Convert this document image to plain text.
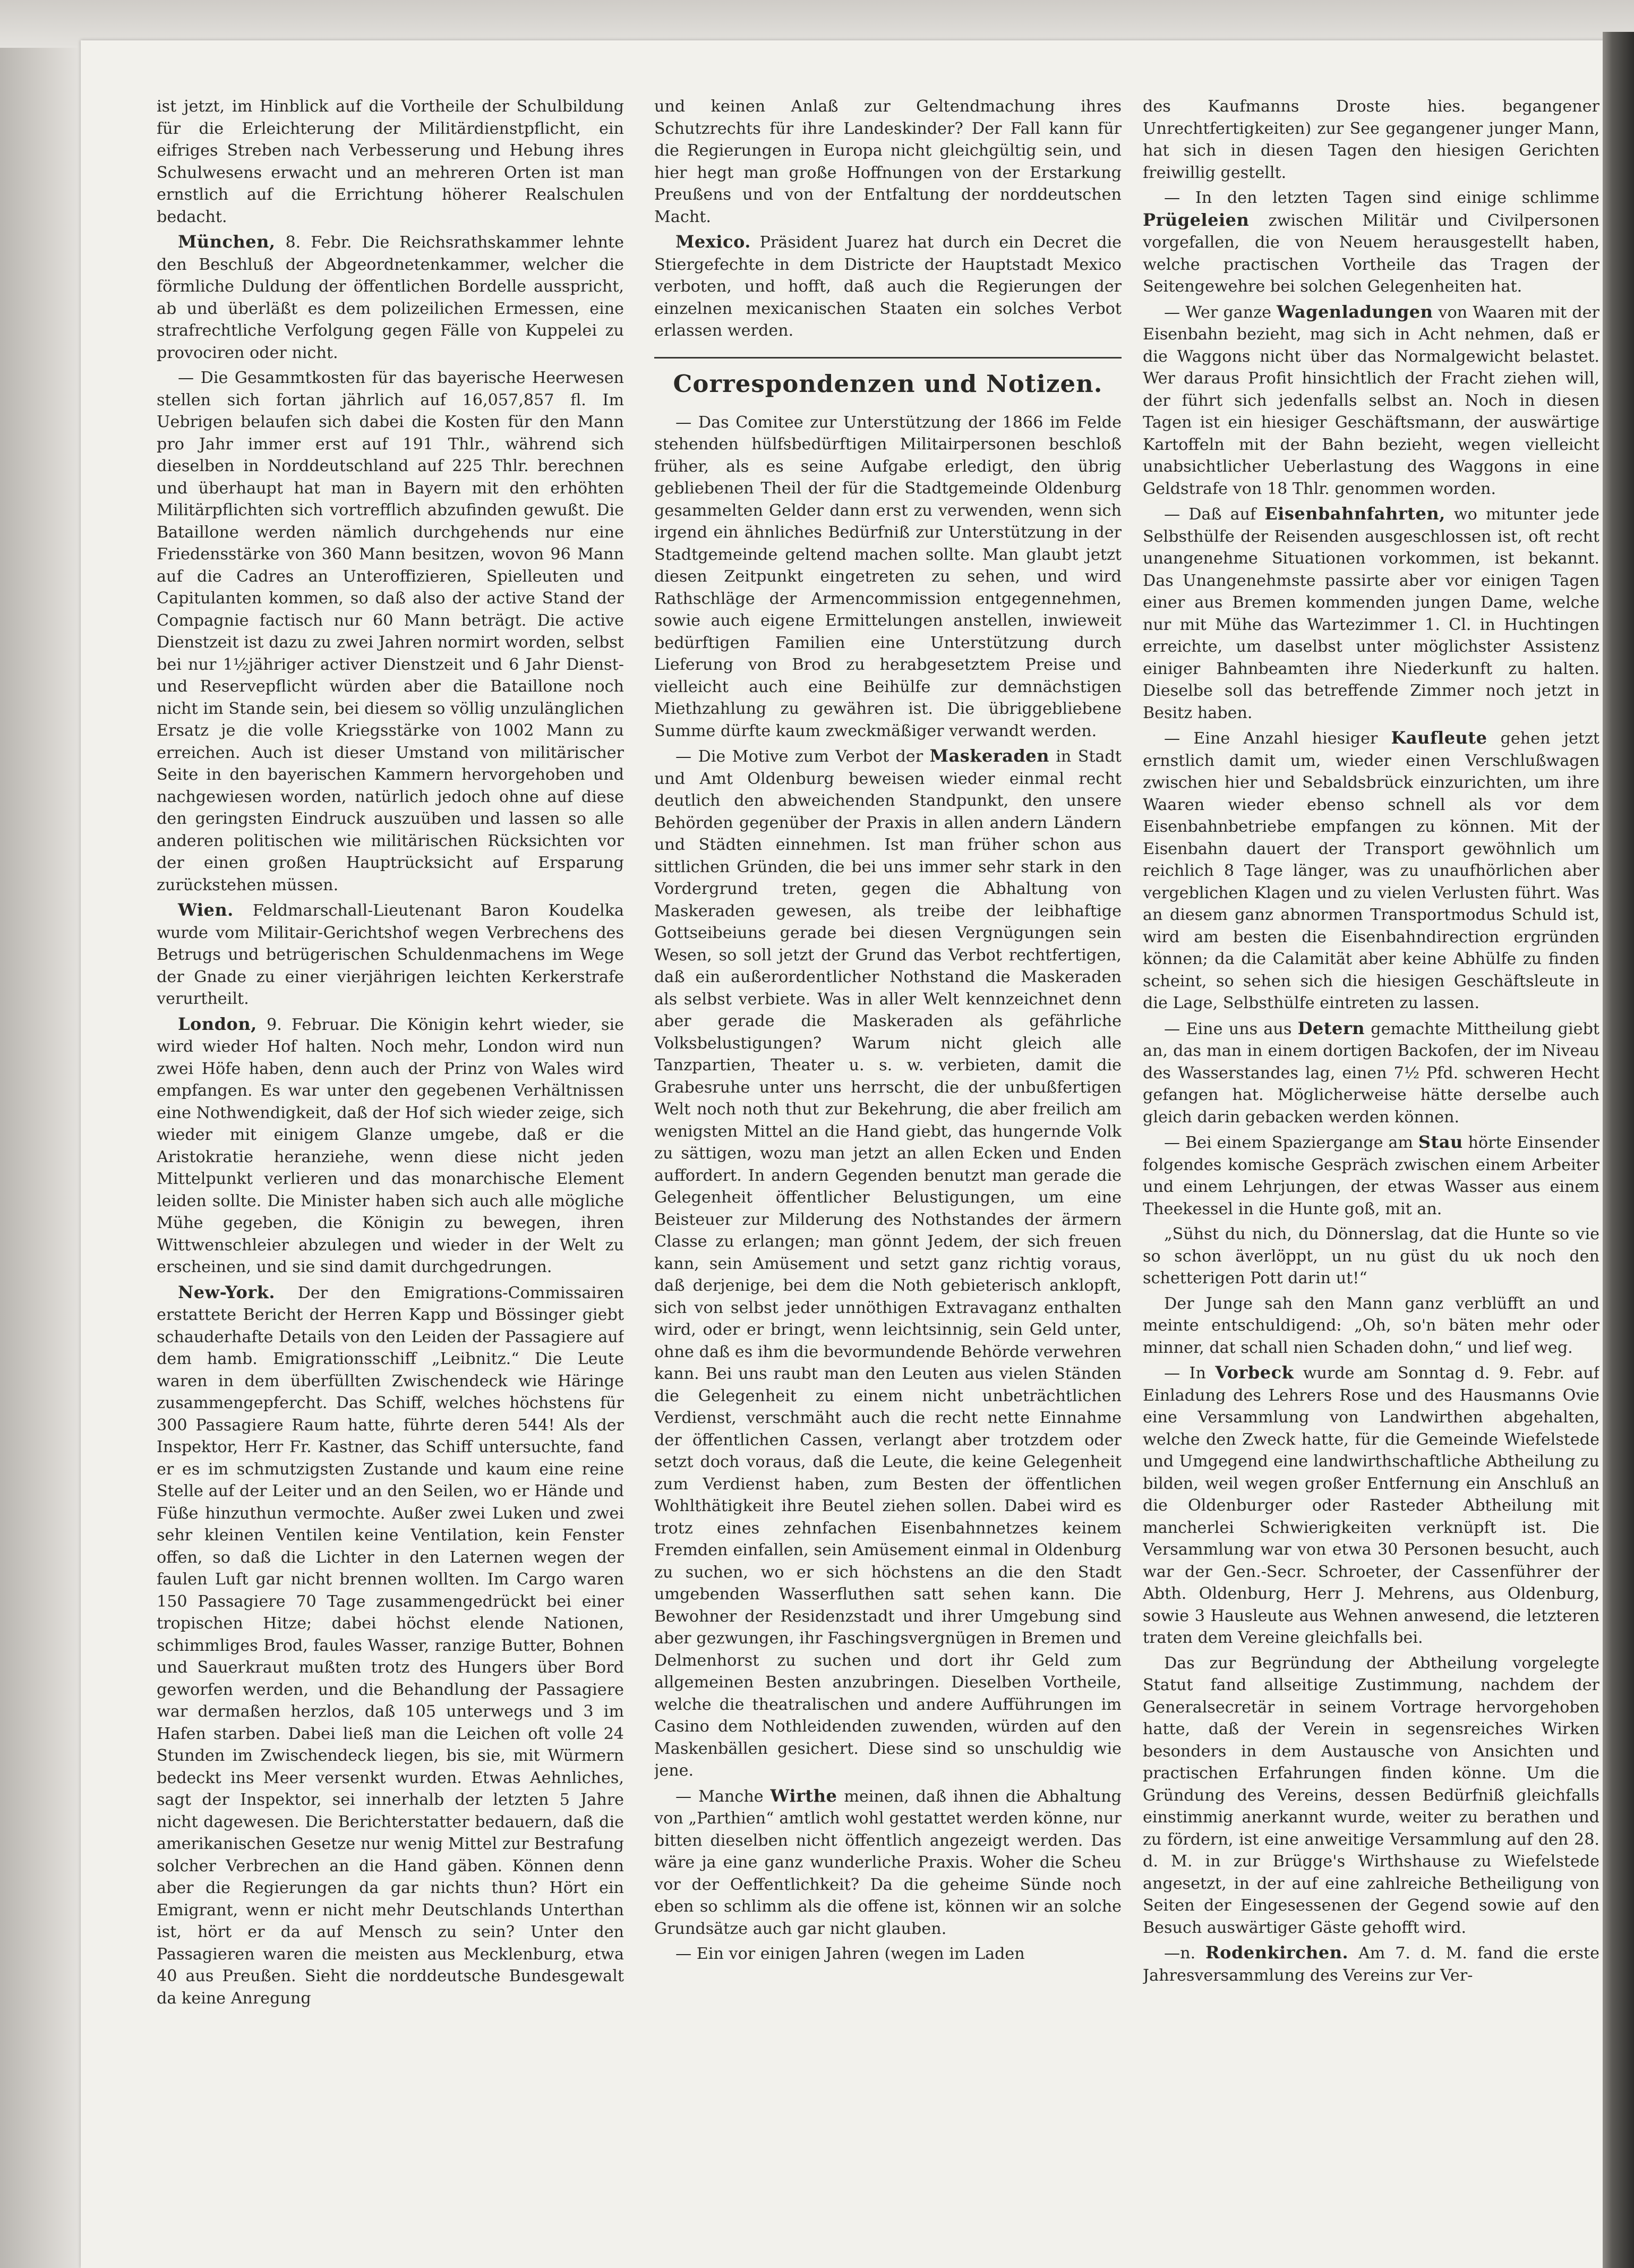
ist jetzt, im Hinblick auf die Vortheile der Schulbildung für die Erleichterung der Militärdienstpflicht, ein eifriges Streben nach Verbesserung und Hebung ihres Schulwesens erwacht und an mehreren Orten ist man ernstlich auf die Errichtung höherer Realschulen bedacht.

München, 8. Febr. Die Reichsrathskammer lehnte den Beschluß der Abgeordnetenkammer, welcher die förmliche Duldung der öffentlichen Bordelle ausspricht, ab und überläßt es dem polizeilichen Ermessen, eine strafrechtliche Verfolgung gegen Fälle von Kuppelei zu provociren oder nicht.

— Die Gesammtkosten für das bayerische Heerwesen stellen sich fortan jährlich auf 16,057,857 fl. Im Uebrigen belaufen sich dabei die Kosten für den Mann pro Jahr immer erst auf 191 Thlr., während sich dieselben in Norddeutschland auf 225 Thlr. berechnen und überhaupt hat man in Bayern mit den erhöhten Militärpflichten sich vortrefflich abzufinden gewußt. Die Bataillone werden nämlich durchgehends nur eine Friedensstärke von 360 Mann besitzen, wovon 96 Mann auf die Cadres an Unteroffizieren, Spielleuten und Capitulanten kommen, so daß also der active Stand der Compagnie factisch nur 60 Mann beträgt. Die active Dienstzeit ist dazu zu zwei Jahren normirt worden, selbst bei nur 1½jähriger activer Dienstzeit und 6 Jahr Dienst- und Reservepflicht würden aber die Bataillone noch nicht im Stande sein, bei diesem so völlig unzulänglichen Ersatz je die volle Kriegsstärke von 1002 Mann zu erreichen. Auch ist dieser Umstand von militärischer Seite in den bayerischen Kammern hervorgehoben und nachgewiesen worden, natürlich jedoch ohne auf diese den geringsten Eindruck auszuüben und lassen so alle anderen politischen wie militärischen Rücksichten vor der einen großen Hauptrücksicht auf Ersparung zurückstehen müssen.

Wien. Feldmarschall-Lieutenant Baron Koudelka wurde vom Militair-Gerichtshof wegen Verbrechens des Betrugs und betrügerischen Schuldenmachens im Wege der Gnade zu einer vierjährigen leichten Kerkerstrafe verurtheilt.

London, 9. Februar. Die Königin kehrt wieder, sie wird wieder Hof halten. Noch mehr, London wird nun zwei Höfe haben, denn auch der Prinz von Wales wird empfangen. Es war unter den gegebenen Verhältnissen eine Nothwendigkeit, daß der Hof sich wieder zeige, sich wieder mit einigem Glanze umgebe, daß er die Aristokratie heranziehe, wenn diese nicht jeden Mittelpunkt verlieren und das monarchische Element leiden sollte. Die Minister haben sich auch alle mögliche Mühe gegeben, die Königin zu bewegen, ihren Wittwenschleier abzulegen und wieder in der Welt zu erscheinen, und sie sind damit durchgedrungen.

New-York. Der den Emigrations-Commissairen erstattete Bericht der Herren Kapp und Bössinger giebt schauderhafte Details von den Leiden der Passagiere auf dem hamb. Emigrationsschiff „Leibnitz.“ Die Leute waren in dem überfüllten Zwischendeck wie Häringe zusammengepfercht. Das Schiff, welches höchstens für 300 Passagiere Raum hatte, führte deren 544! Als der Inspektor, Herr Fr. Kastner, das Schiff untersuchte, fand er es im schmutzigsten Zustande und kaum eine reine Stelle auf der Leiter und an den Seilen, wo er Hände und Füße hinzuthun vermochte. Außer zwei Luken und zwei sehr kleinen Ventilen keine Ventilation, kein Fenster offen, so daß die Lichter in den Laternen wegen der faulen Luft gar nicht brennen wollten. Im Cargo waren 150 Passagiere 70 Tage zusammengedrückt bei einer tropischen Hitze; dabei höchst elende Nationen, schimmliges Brod, faules Wasser, ranzige Butter, Bohnen und Sauerkraut mußten trotz des Hungers über Bord geworfen werden, und die Behandlung der Passagiere war dermaßen herzlos, daß 105 unterwegs und 3 im Hafen starben. Dabei ließ man die Leichen oft volle 24 Stunden im Zwischendeck liegen, bis sie, mit Würmern bedeckt ins Meer versenkt wurden. Etwas Aehnliches, sagt der Inspektor, sei innerhalb der letzten 5 Jahre nicht dagewesen. Die Berichterstatter bedauern, daß die amerikanischen Gesetze nur wenig Mittel zur Bestrafung solcher Verbrechen an die Hand gäben. Können denn aber die Regierungen da gar nichts thun? Hört ein Emigrant, wenn er nicht mehr Deutschlands Unterthan ist, hört er da auf Mensch zu sein? Unter den Passagieren waren die meisten aus Mecklenburg, etwa 40 aus Preußen. Sieht die norddeutsche Bundesgewalt da keine Anregung

und keinen Anlaß zur Geltendmachung ihres Schutzrechts für ihre Landeskinder? Der Fall kann für die Regierungen in Europa nicht gleichgültig sein, und hier hegt man große Hoffnungen von der Erstarkung Preußens und von der Entfaltung der norddeutschen Macht.

Mexico. Präsident Juarez hat durch ein Decret die Stiergefechte in dem Districte der Hauptstadt Mexico verboten, und hofft, daß auch die Regierungen der einzelnen mexicanischen Staaten ein solches Verbot erlassen werden.

Correspondenzen und Notizen.

— Das Comitee zur Unterstützung der 1866 im Felde stehenden hülfsbedürftigen Militairpersonen beschloß früher, als es seine Aufgabe erledigt, den übrig gebliebenen Theil der für die Stadtgemeinde Oldenburg gesammelten Gelder dann erst zu verwenden, wenn sich irgend ein ähnliches Bedürfniß zur Unterstützung in der Stadtgemeinde geltend machen sollte. Man glaubt jetzt diesen Zeitpunkt eingetreten zu sehen, und wird Rathschläge der Armencommission entgegennehmen, sowie auch eigene Ermittelungen anstellen, inwieweit bedürftigen Familien eine Unterstützung durch Lieferung von Brod zu herabgesetztem Preise und vielleicht auch eine Beihülfe zur demnächstigen Miethzahlung zu gewähren ist. Die übriggebliebene Summe dürfte kaum zweckmäßiger verwandt werden.

— Die Motive zum Verbot der Maskeraden in Stadt und Amt Oldenburg beweisen wieder einmal recht deutlich den abweichenden Standpunkt, den unsere Behörden gegenüber der Praxis in allen andern Ländern und Städten einnehmen. Ist man früher schon aus sittlichen Gründen, die bei uns immer sehr stark in den Vordergrund treten, gegen die Abhaltung von Maskeraden gewesen, als treibe der leibhaftige Gottseibeiuns gerade bei diesen Vergnügungen sein Wesen, so soll jetzt der Grund das Verbot rechtfertigen, daß ein außerordentlicher Nothstand die Maskeraden als selbst verbiete. Was in aller Welt kennzeichnet denn aber gerade die Maskeraden als gefährliche Volksbelustigungen? Warum nicht gleich alle Tanzpartien, Theater u. s. w. verbieten, damit die Grabesruhe unter uns herrscht, die der unbußfertigen Welt noch noth thut zur Bekehrung, die aber freilich am wenigsten Mittel an die Hand giebt, das hungernde Volk zu sättigen, wozu man jetzt an allen Ecken und Enden auffordert. In andern Gegenden benutzt man gerade die Gelegenheit öffentlicher Belustigungen, um eine Beisteuer zur Milderung des Nothstandes der ärmern Classe zu erlangen; man gönnt Jedem, der sich freuen kann, sein Amüsement und setzt ganz richtig voraus, daß derjenige, bei dem die Noth gebieterisch anklopft, sich von selbst jeder unnöthigen Extravaganz enthalten wird, oder er bringt, wenn leichtsinnig, sein Geld unter, ohne daß es ihm die bevormundende Behörde verwehren kann. Bei uns raubt man den Leuten aus vielen Ständen die Gelegenheit zu einem nicht unbeträchtlichen Verdienst, verschmäht auch die recht nette Einnahme der öffentlichen Cassen, verlangt aber trotzdem oder setzt doch voraus, daß die Leute, die keine Gelegenheit zum Verdienst haben, zum Besten der öffentlichen Wohlthätigkeit ihre Beutel ziehen sollen. Dabei wird es trotz eines zehnfachen Eisenbahnnetzes keinem Fremden einfallen, sein Amüsement einmal in Oldenburg zu suchen, wo er sich höchstens an die den Stadt umgebenden Wasserfluthen satt sehen kann. Die Bewohner der Residenzstadt und ihrer Umgebung sind aber gezwungen, ihr Faschingsvergnügen in Bremen und Delmenhorst zu suchen und dort ihr Geld zum allgemeinen Besten anzubringen. Dieselben Vortheile, welche die theatralischen und andere Aufführungen im Casino dem Nothleidenden zuwenden, würden auf den Maskenbällen gesichert. Diese sind so unschuldig wie jene.

— Manche Wirthe meinen, daß ihnen die Abhaltung von „Parthien“ amtlich wohl gestattet werden könne, nur bitten dieselben nicht öffentlich angezeigt werden. Das wäre ja eine ganz wunderliche Praxis. Woher die Scheu vor der Oeffentlichkeit? Da die geheime Sünde noch eben so schlimm als die offene ist, können wir an solche Grundsätze auch gar nicht glauben.

— Ein vor einigen Jahren (wegen im Laden

des Kaufmanns Droste hies. begangener Unrechtfertigkeiten) zur See gegangener junger Mann, hat sich in diesen Tagen den hiesigen Gerichten freiwillig gestellt.

— In den letzten Tagen sind einige schlimme Prügeleien zwischen Militär und Civilpersonen vorgefallen, die von Neuem herausgestellt haben, welche practischen Vortheile das Tragen der Seitengewehre bei solchen Gelegenheiten hat.

— Wer ganze Wagenladungen von Waaren mit der Eisenbahn bezieht, mag sich in Acht nehmen, daß er die Waggons nicht über das Normalgewicht belastet. Wer daraus Profit hinsichtlich der Fracht ziehen will, der führt sich jedenfalls selbst an. Noch in diesen Tagen ist ein hiesiger Geschäftsmann, der auswärtige Kartoffeln mit der Bahn bezieht, wegen vielleicht unabsichtlicher Ueberlastung des Waggons in eine Geldstrafe von 18 Thlr. genommen worden.

— Daß auf Eisenbahnfahrten, wo mitunter jede Selbsthülfe der Reisenden ausgeschlossen ist, oft recht unangenehme Situationen vorkommen, ist bekannt. Das Unangenehmste passirte aber vor einigen Tagen einer aus Bremen kommenden jungen Dame, welche nur mit Mühe das Wartezimmer 1. Cl. in Huchtingen erreichte, um daselbst unter möglichster Assistenz einiger Bahnbeamten ihre Niederkunft zu halten. Dieselbe soll das betreffende Zimmer noch jetzt in Besitz haben.

— Eine Anzahl hiesiger Kaufleute gehen jetzt ernstlich damit um, wieder einen Verschlußwagen zwischen hier und Sebaldsbrück einzurichten, um ihre Waaren wieder ebenso schnell als vor dem Eisenbahnbetriebe empfangen zu können. Mit der Eisenbahn dauert der Transport gewöhnlich um reichlich 8 Tage länger, was zu unaufhörlichen aber vergeblichen Klagen und zu vielen Verlusten führt. Was an diesem ganz abnormen Transportmodus Schuld ist, wird am besten die Eisenbahndirection ergründen können; da die Calamität aber keine Abhülfe zu finden scheint, so sehen sich die hiesigen Geschäftsleute in die Lage, Selbsthülfe eintreten zu lassen.

— Eine uns aus Detern gemachte Mittheilung giebt an, das man in einem dortigen Backofen, der im Niveau des Wasserstandes lag, einen 7½ Pfd. schweren Hecht gefangen hat. Möglicherweise hätte derselbe auch gleich darin gebacken werden können.

— Bei einem Spaziergange am Stau hörte Einsender folgendes komische Gespräch zwischen einem Arbeiter und einem Lehrjungen, der etwas Wasser aus einem Theekessel in die Hunte goß, mit an.

„Sühst du nich, du Dönnerslag, dat die Hunte so vie so schon äverlöppt, un nu güst du uk noch den schetterigen Pott darin ut!“

Der Junge sah den Mann ganz verblüfft an und meinte entschuldigend: „Oh, so'n bäten mehr oder minner, dat schall nien Schaden dohn,“ und lief weg.

— In Vorbeck wurde am Sonntag d. 9. Febr. auf Einladung des Lehrers Rose und des Hausmanns Ovie eine Versammlung von Landwirthen abgehalten, welche den Zweck hatte, für die Gemeinde Wiefelstede und Umgegend eine landwirthschaftliche Abtheilung zu bilden, weil wegen großer Entfernung ein Anschluß an die Oldenburger oder Rastеder Abtheilung mit mancherlei Schwierigkeiten verknüpft ist. Die Versammlung war von etwa 30 Personen besucht, auch war der Gen.-Secr. Schroeter, der Cassenführer der Abth. Oldenburg, Herr J. Mehrens, aus Oldenburg, sowie 3 Hausleute aus Wehnen anwesend, die letzteren traten dem Vereine gleichfalls bei.

Das zur Begründung der Abtheilung vorgelegte Statut fand allseitige Zustimmung, nachdem der Generalsecretär in seinem Vortrage hervorgehoben hatte, daß der Verein in segensreiches Wirken besonders in dem Austausche von Ansichten und practischen Erfahrungen finden könne. Um die Gründung des Vereins, dessen Bedürfniß gleichfalls einstimmig anerkannt wurde, weiter zu berathen und zu fördern, ist eine anweitige Versammlung auf den 28. d. M. in zur Brügge's Wirthshause zu Wiefelstede angesetzt, in der auf eine zahlreiche Betheiligung von Seiten der Eingesessenen der Gegend sowie auf den Besuch auswärtiger Gäste gehofft wird.

—n. Rodenkirchen. Am 7. d. M. fand die erste Jahresversammlung des Vereins zur Ver-
